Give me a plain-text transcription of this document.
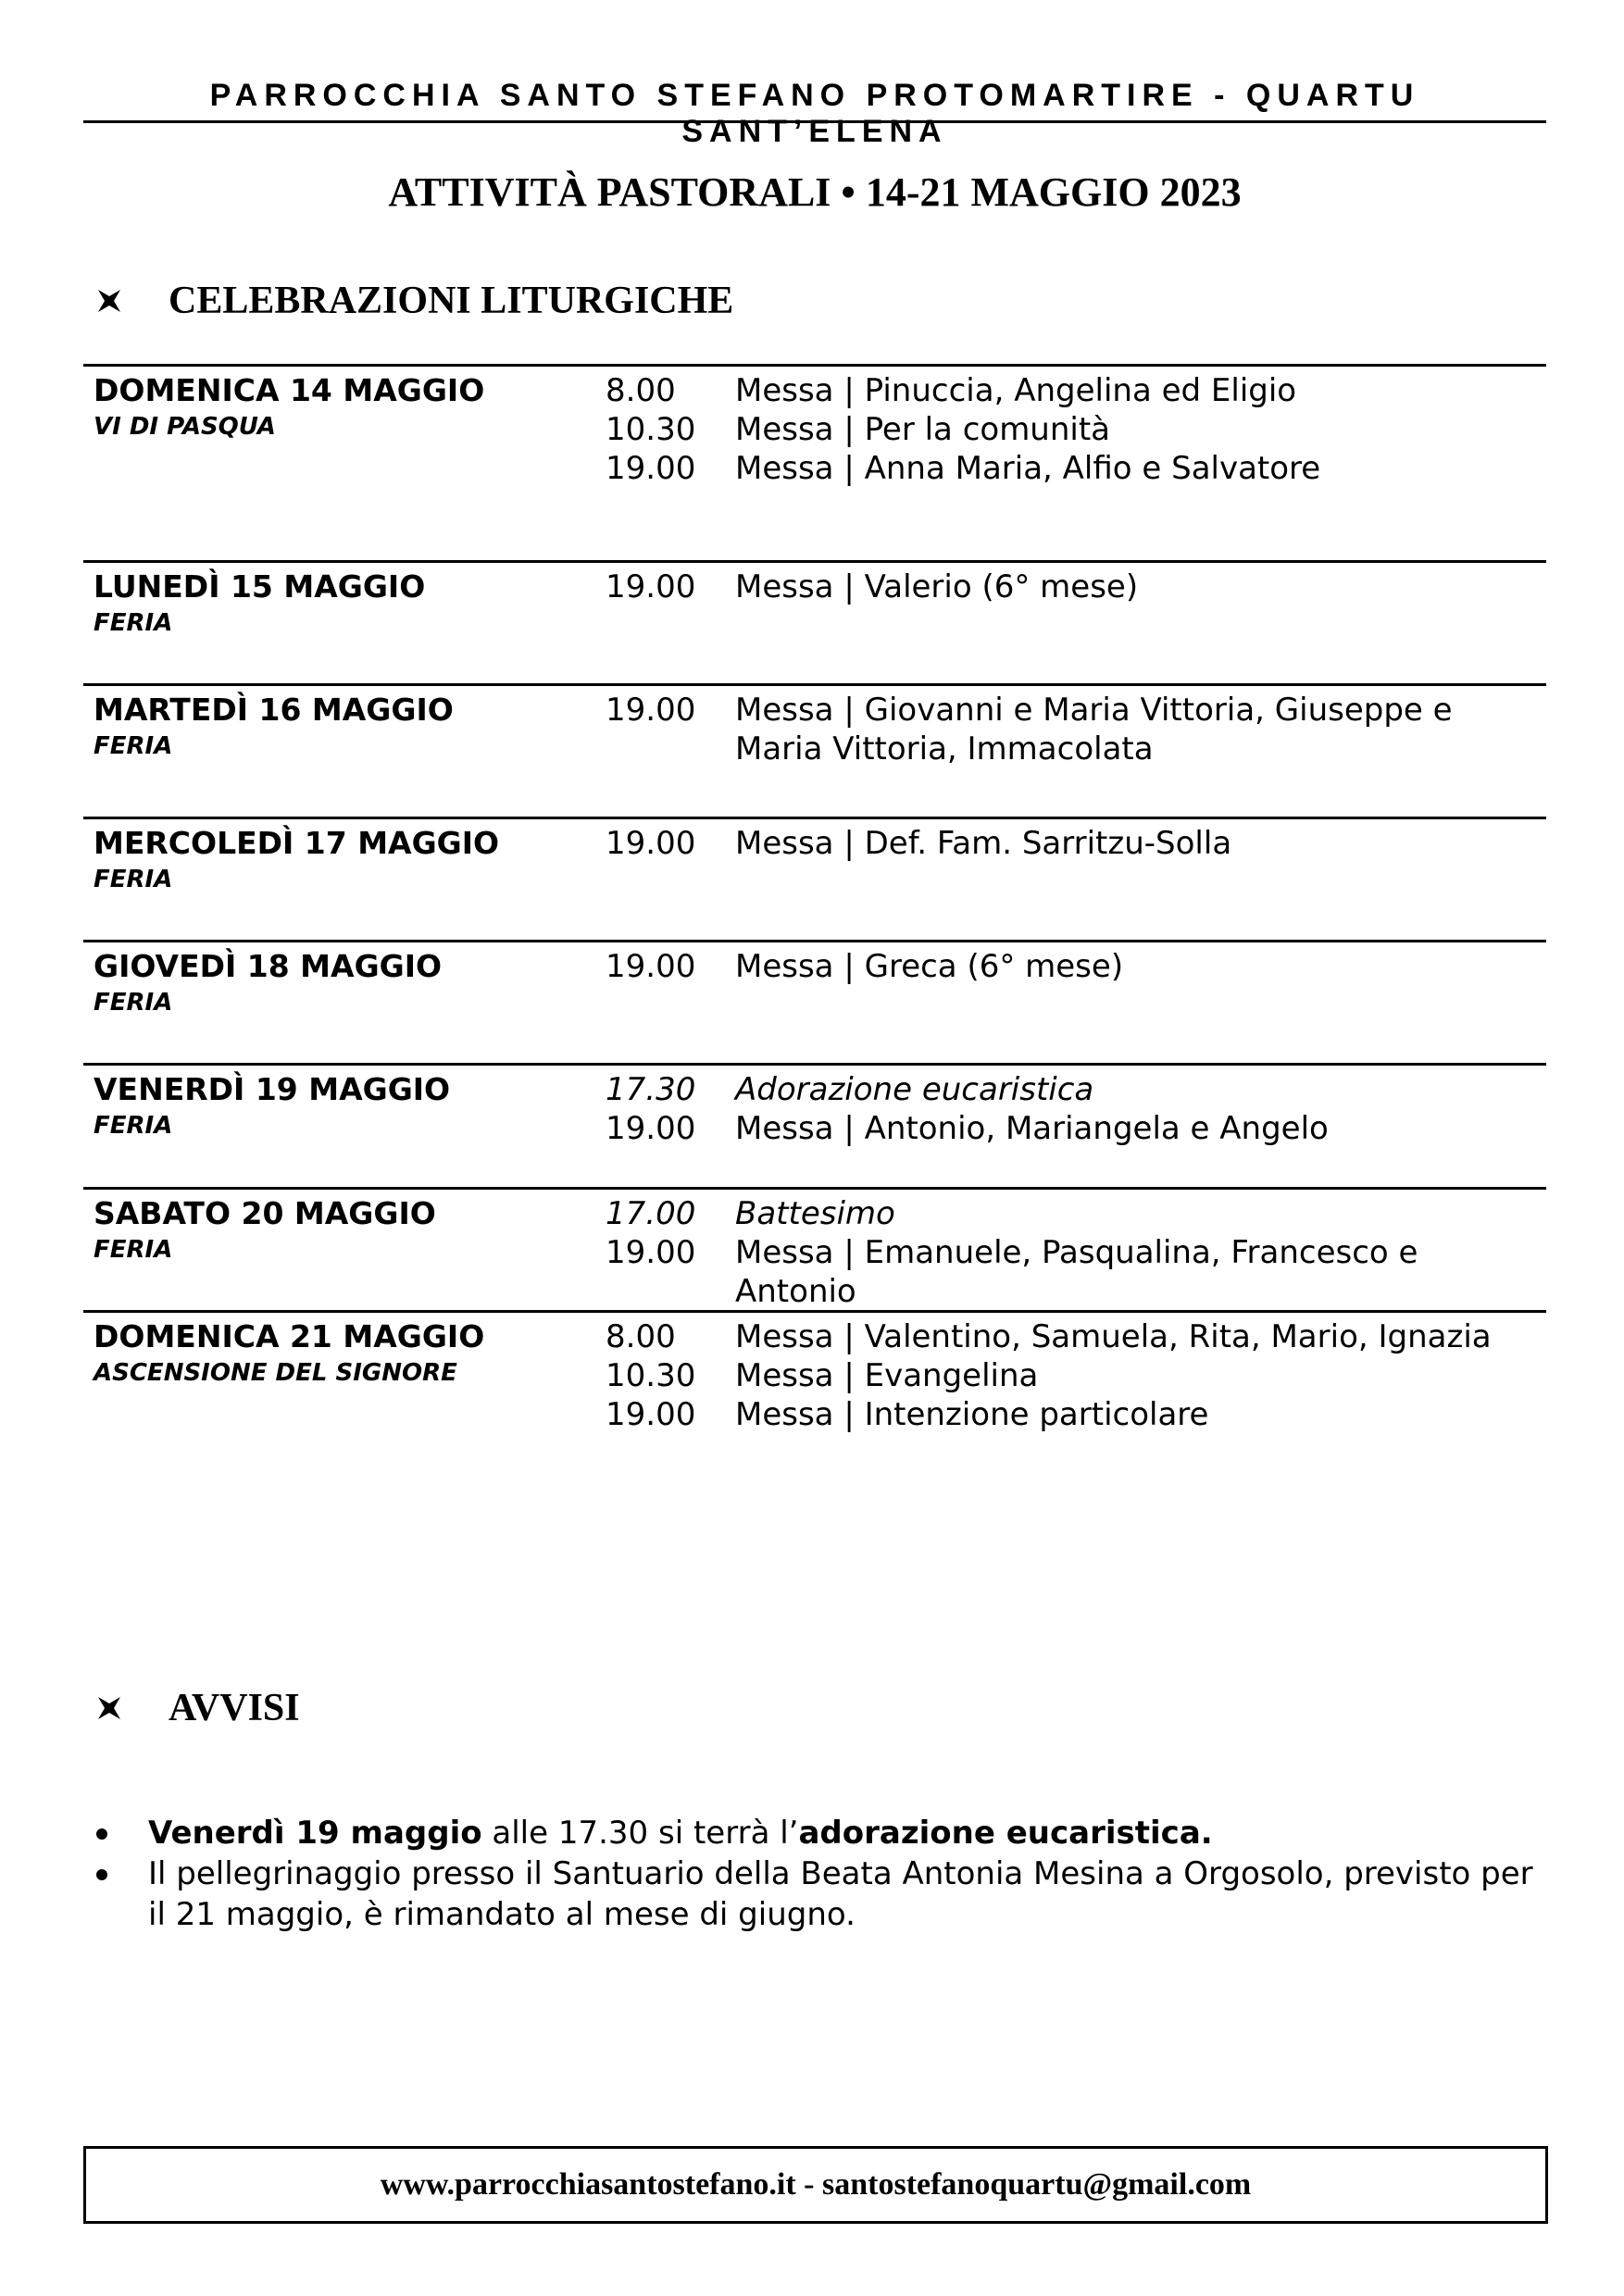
PARROCCHIA SANTO STEFANO PROTOMARTIRE - QUARTU SANT’ELENA
ATTIVITÀ PASTORALI • 14-21 MAGGIO 2023
CELEBRAZIONI LITURGICHE
DOMENICA 14 MAGGIO
VI DI PASQUA
8.00 Messa | Pinuccia, Angelina ed Eligio
10.30 Messa | Per la comunità
19.00 Messa | Anna Maria, Alfio e Salvatore
LUNEDÌ 15 MAGGIO
FERIA
19.00 Messa | Valerio (6° mese)
MARTEDÌ 16 MAGGIO
FERIA
19.00 Messa | Giovanni e Maria Vittoria, Giuseppe e Maria Vittoria, Immacolata
MERCOLEDÌ 17 MAGGIO
FERIA
19.00 Messa | Def. Fam. Sarritzu-Solla
GIOVEDÌ 18 MAGGIO
FERIA
19.00 Messa | Greca (6° mese)
VENERDÌ 19 MAGGIO
FERIA
17.30 Adorazione eucaristica
19.00 Messa | Antonio, Mariangela e Angelo
SABATO 20 MAGGIO
FERIA
17.00 Battesimo
19.00 Messa | Emanuele, Pasqualina, Francesco e Antonio
DOMENICA 21 MAGGIO
ASCENSIONE DEL SIGNORE
8.00 Messa | Valentino, Samuela, Rita, Mario, Ignazia
10.30 Messa | Evangelina
19.00 Messa | Intenzione particolare
AVVISI
Venerdì 19 maggio alle 17.30 si terrà l’adorazione eucaristica.
Il pellegrinaggio presso il Santuario della Beata Antonia Mesina a Orgosolo, previsto per il 21 maggio, è rimandato al mese di giugno.
www.parrocchiasantostefano.it - santostefanoquartu@gmail.com
